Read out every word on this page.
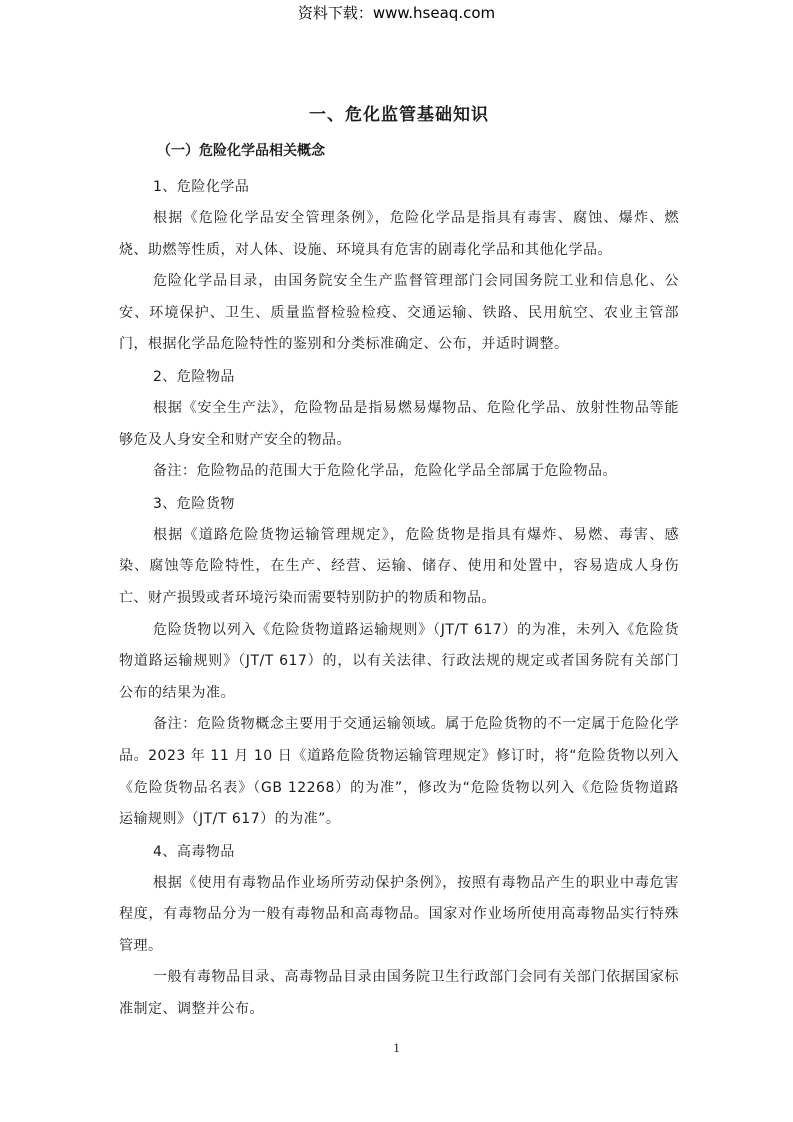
资料下载：www.hseaq.com
一、危化监管基础知识
（一）危险化学品相关概念

1、危险化学品

根据《危险化学品安全管理条例》，危险化学品是指具有毒害、腐蚀、爆炸、燃烧、助燃等性质，对人体、设施、环境具有危害的剧毒化学品和其他化学品。

危险化学品目录，由国务院安全生产监督管理部门会同国务院工业和信息化、公安、环境保护、卫生、质量监督检验检疫、交通运输、铁路、民用航空、农业主管部门，根据化学品危险特性的鉴别和分类标准确定、公布，并适时调整。

2、危险物品

根据《安全生产法》，危险物品是指易燃易爆物品、危险化学品、放射性物品等能够危及人身安全和财产安全的物品。

备注：危险物品的范围大于危险化学品，危险化学品全部属于危险物品。

3、危险货物

根据《道路危险货物运输管理规定》，危险货物是指具有爆炸、易燃、毒害、感染、腐蚀等危险特性，在生产、经营、运输、储存、使用和处置中，容易造成人身伤亡、财产损毁或者环境污染而需要特别防护的物质和物品。

危险货物以列入《危险货物道路运输规则》（JT/T 617）的为准，未列入《危险货物道路运输规则》（JT/T 617）的，以有关法律、行政法规的规定或者国务院有关部门公布的结果为准。

备注：危险货物概念主要用于交通运输领域。属于危险货物的不一定属于危险化学品。2023 年 11 月 10 日《道路危险货物运输管理规定》修订时，将“危险货物以列入《危险货物品名表》（GB 12268）的为准”，修改为“危险货物以列入《危险货物道路运输规则》（JT/T 617）的为准”。

4、高毒物品

根据《使用有毒物品作业场所劳动保护条例》，按照有毒物品产生的职业中毒危害程度，有毒物品分为一般有毒物品和高毒物品。国家对作业场所使用高毒物品实行特殊管理。

一般有毒物品目录、高毒物品目录由国务院卫生行政部门会同有关部门依据国家标准制定、调整并公布。

1
